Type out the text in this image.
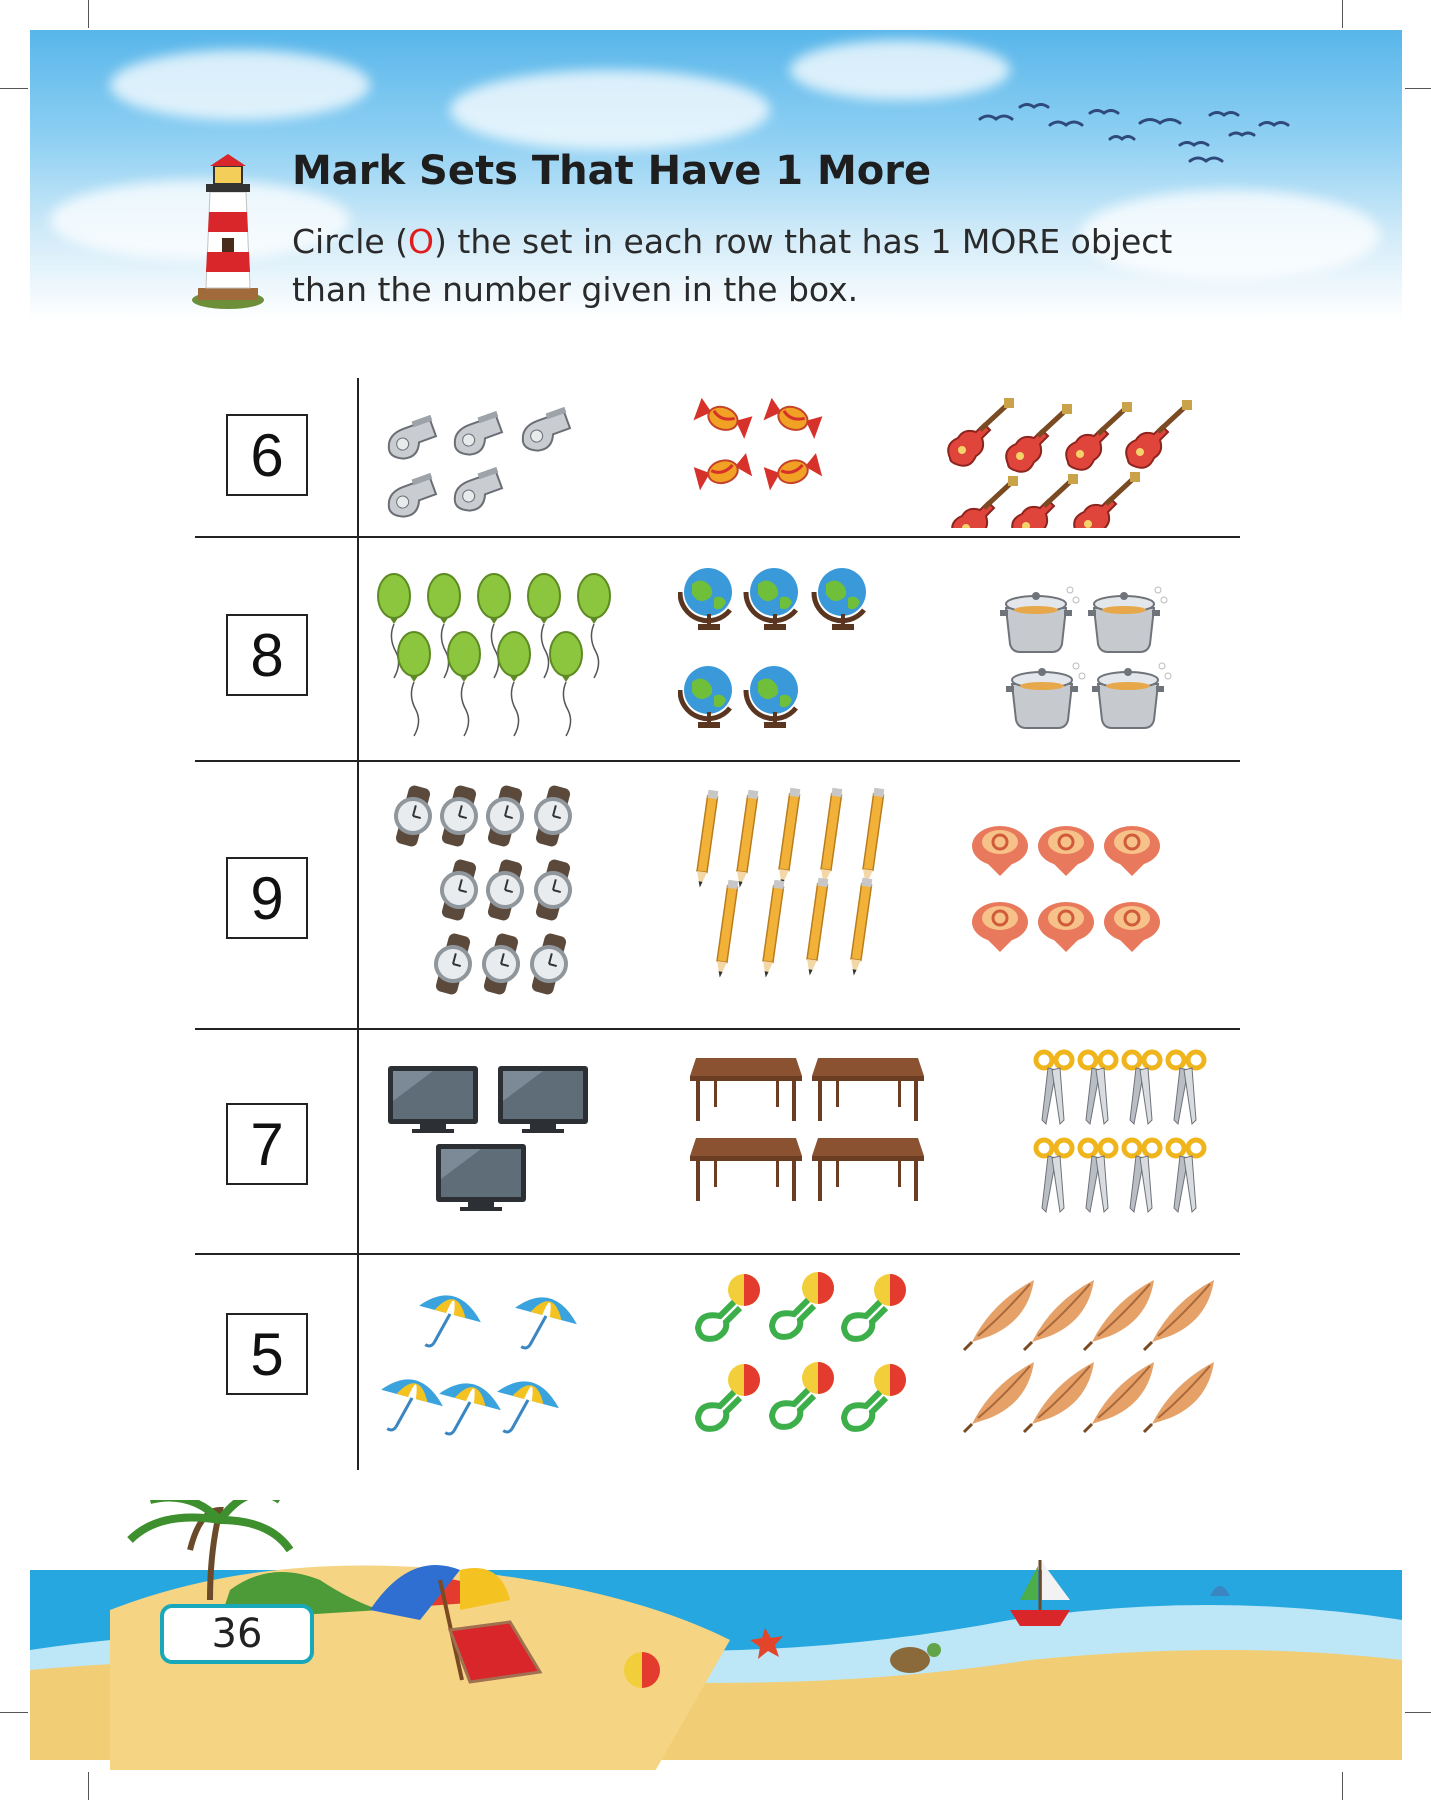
Mark Sets That Have 1 More
Circle (O) the set in each row that has 1 MORE object
than the number given in the box.
6
8
9
7
5
36
